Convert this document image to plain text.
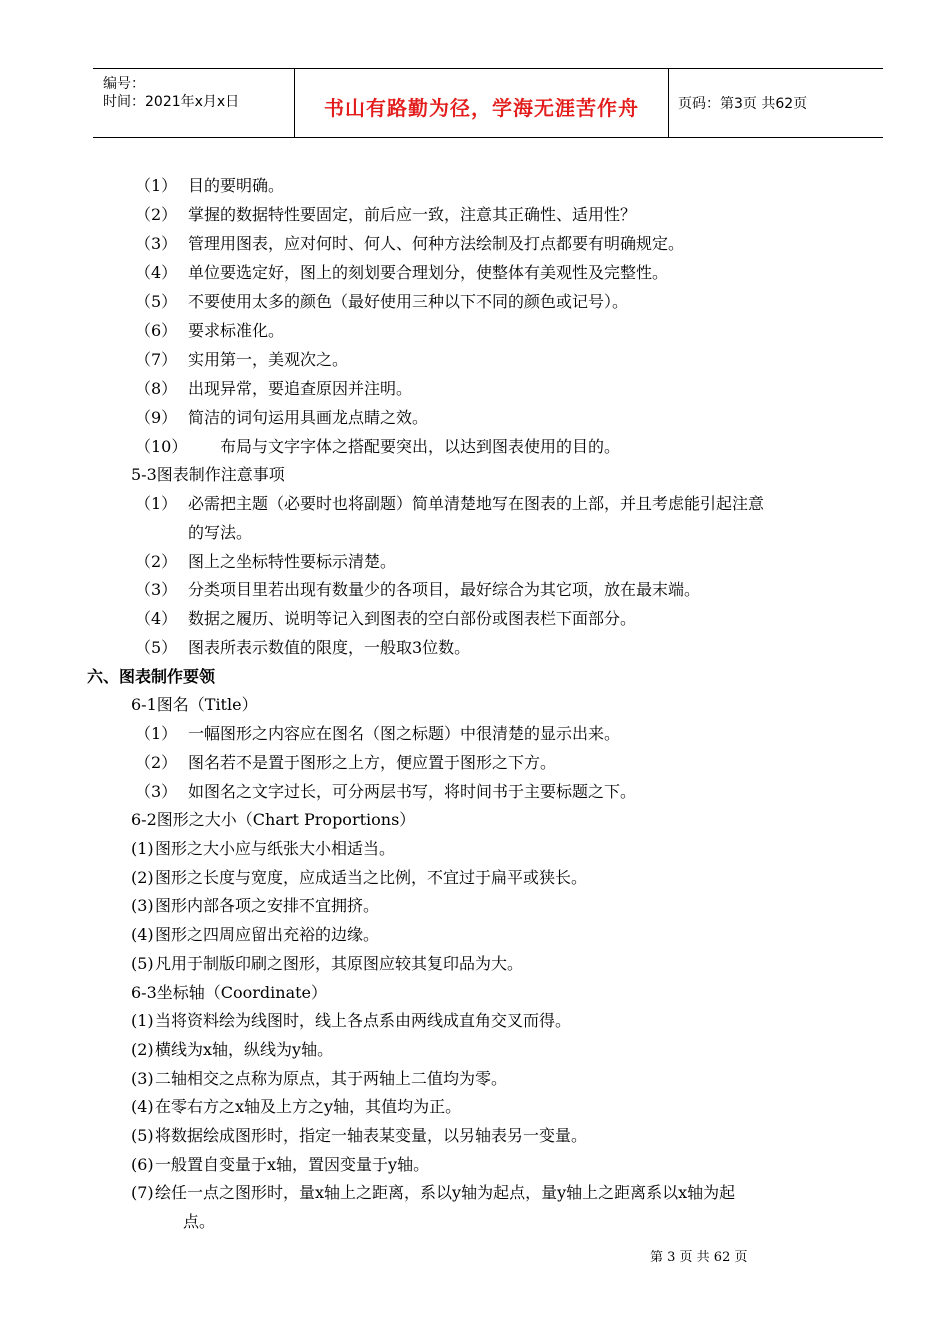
编号：
时间：2021年x月x日	书山有路勤为径，学海无涯苦作舟	页码：第3页 共62页
（1） 目的要明确。
（2） 掌握的数据特性要固定，前后应一致，注意其正确性、适用性？
（3） 管理用图表，应对何时、何人、何种方法绘制及打点都要有明确规定。
（4） 单位要选定好，图上的刻划要合理划分，使整体有美观性及完整性。
（5） 不要使用太多的颜色（最好使用三种以下不同的颜色或记号）。
（6） 要求标准化。
（7） 实用第一，美观次之。
（8） 出现异常，要追查原因并注明。
（9） 简洁的词句运用具画龙点睛之效。
（10） 布局与文字字体之搭配要突出，以达到图表使用的目的。
5-3图表制作注意事项
（1） 必需把主题（必要时也将副题）简单清楚地写在图表的上部，并且考虑能引起注意
的写法。
（2） 图上之坐标特性要标示清楚。
（3） 分类项目里若出现有数量少的各项目，最好综合为其它项，放在最末端。
（4） 数据之履历、说明等记入到图表的空白部份或图表栏下面部分。
（5） 图表所表示数值的限度，一般取3位数。
六、图表制作要领
6-1图名（Title）
（1） 一幅图形之内容应在图名（图之标题）中很清楚的显示出来。
（2） 图名若不是置于图形之上方，便应置于图形之下方。
（3） 如图名之文字过长，可分两层书写，将时间书于主要标题之下。
6-2图形之大小（Chart Proportions）
(1) 图形之大小应与纸张大小相适当。
(2) 图形之长度与宽度，应成适当之比例，不宜过于扁平或狭长。
(3) 图形内部各项之安排不宜拥挤。
(4) 图形之四周应留出充裕的边缘。
(5) 凡用于制版印刷之图形，其原图应较其复印品为大。
6-3坐标轴（Coordinate）
(1) 当将资料绘为线图时，线上各点系由两线成直角交叉而得。
(2) 横线为x轴，纵线为y轴。
(3) 二轴相交之点称为原点，其于两轴上二值均为零。
(4) 在零右方之x轴及上方之y轴，其值均为正。
(5) 将数据绘成图形时，指定一轴表某变量，以另轴表另一变量。
(6) 一般置自变量于x轴，置因变量于y轴。
(7) 绘任一点之图形时，量x轴上之距离，系以y轴为起点，量y轴上之距离系以x轴为起
点。
第 3 页 共 62 页
